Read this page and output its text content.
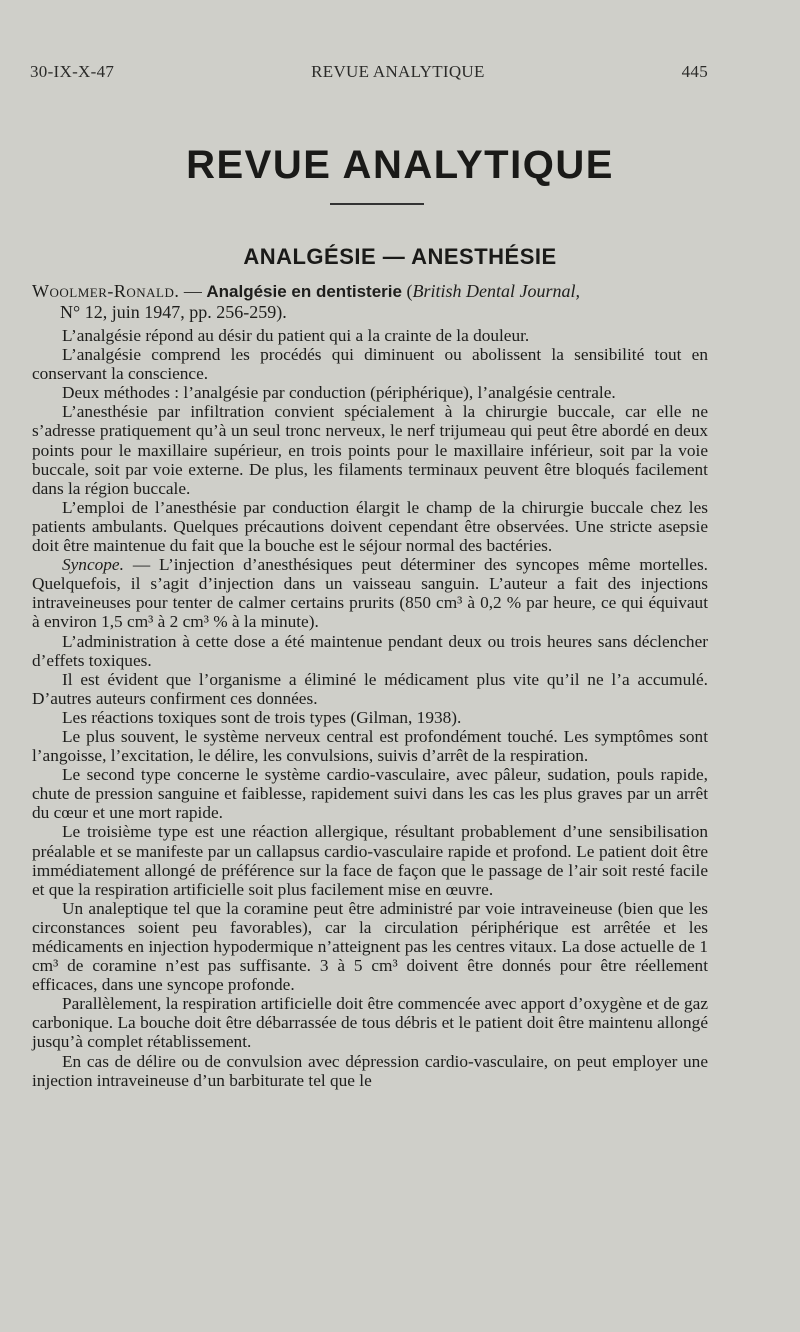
30-IX-X-47	REVUE ANALYTIQUE	445
REVUE ANALYTIQUE
ANALGÉSIE — ANESTHÉSIE
Woolmer-Ronald. — Analgésie en dentisterie (British Dental Journal,
N° 12, juin 1947, pp. 256-259).

L’analgésie répond au désir du patient qui a la crainte de la douleur.

L’analgésie comprend les procédés qui diminuent ou abolissent la sensibilité tout en conservant la conscience.

Deux méthodes : l’analgésie par conduction (périphérique), l’analgésie centrale.

L’anesthésie par infiltration convient spécialement à la chirurgie buccale, car elle ne s’adresse pratiquement qu’à un seul tronc nerveux, le nerf trijumeau qui peut être abordé en deux points pour le maxillaire supérieur, en trois points pour le maxillaire inférieur, soit par la voie buccale, soit par voie externe. De plus, les filaments terminaux peuvent être bloqués facilement dans la région buccale.

L’emploi de l’anesthésie par conduction élargit le champ de la chirurgie buccale chez les patients ambulants. Quelques précautions doivent cependant être observées. Une stricte asepsie doit être maintenue du fait que la bouche est le séjour normal des bactéries.

Syncope. — L’injection d’anesthésiques peut déterminer des syncopes même mortelles. Quelquefois, il s’agit d’injection dans un vaisseau sanguin. L’auteur a fait des injections intraveineuses pour tenter de calmer certains prurits (850 cm³ à 0,2 % par heure, ce qui équivaut à environ 1,5 cm³ à 2 cm³ % à la minute).

L’administration à cette dose a été maintenue pendant deux ou trois heures sans déclencher d’effets toxiques.

Il est évident que l’organisme a éliminé le médicament plus vite qu’il ne l’a accumulé. D’autres auteurs confirment ces données.

Les réactions toxiques sont de trois types (Gilman, 1938).

Le plus souvent, le système nerveux central est profondément touché. Les symptômes sont l’angoisse, l’excitation, le délire, les convulsions, suivis d’arrêt de la respiration.

Le second type concerne le système cardio-vasculaire, avec pâleur, sudation, pouls rapide, chute de pression sanguine et faiblesse, rapidement suivi dans les cas les plus graves par un arrêt du cœur et une mort rapide.

Le troisième type est une réaction allergique, résultant probablement d’une sensibilisation préalable et se manifeste par un callapsus cardio-vasculaire rapide et profond. Le patient doit être immédiatement allongé de préférence sur la face de façon que le passage de l’air soit resté facile et que la respiration artificielle soit plus facilement mise en œuvre.

Un analeptique tel que la coramine peut être administré par voie intraveineuse (bien que les circonstances soient peu favorables), car la circulation périphérique est arrêtée et les médicaments en injection hypodermique n’atteignent pas les centres vitaux. La dose actuelle de 1 cm³ de coramine n’est pas suffisante. 3 à 5 cm³ doivent être donnés pour être réellement efficaces, dans une syncope profonde.

Parallèlement, la respiration artificielle doit être commencée avec apport d’oxygène et de gaz carbonique. La bouche doit être débarrassée de tous débris et le patient doit être maintenu allongé jusqu’à complet rétablissement.

En cas de délire ou de convulsion avec dépression cardio-vasculaire, on peut employer une injection intraveineuse d’un barbiturate tel que le
